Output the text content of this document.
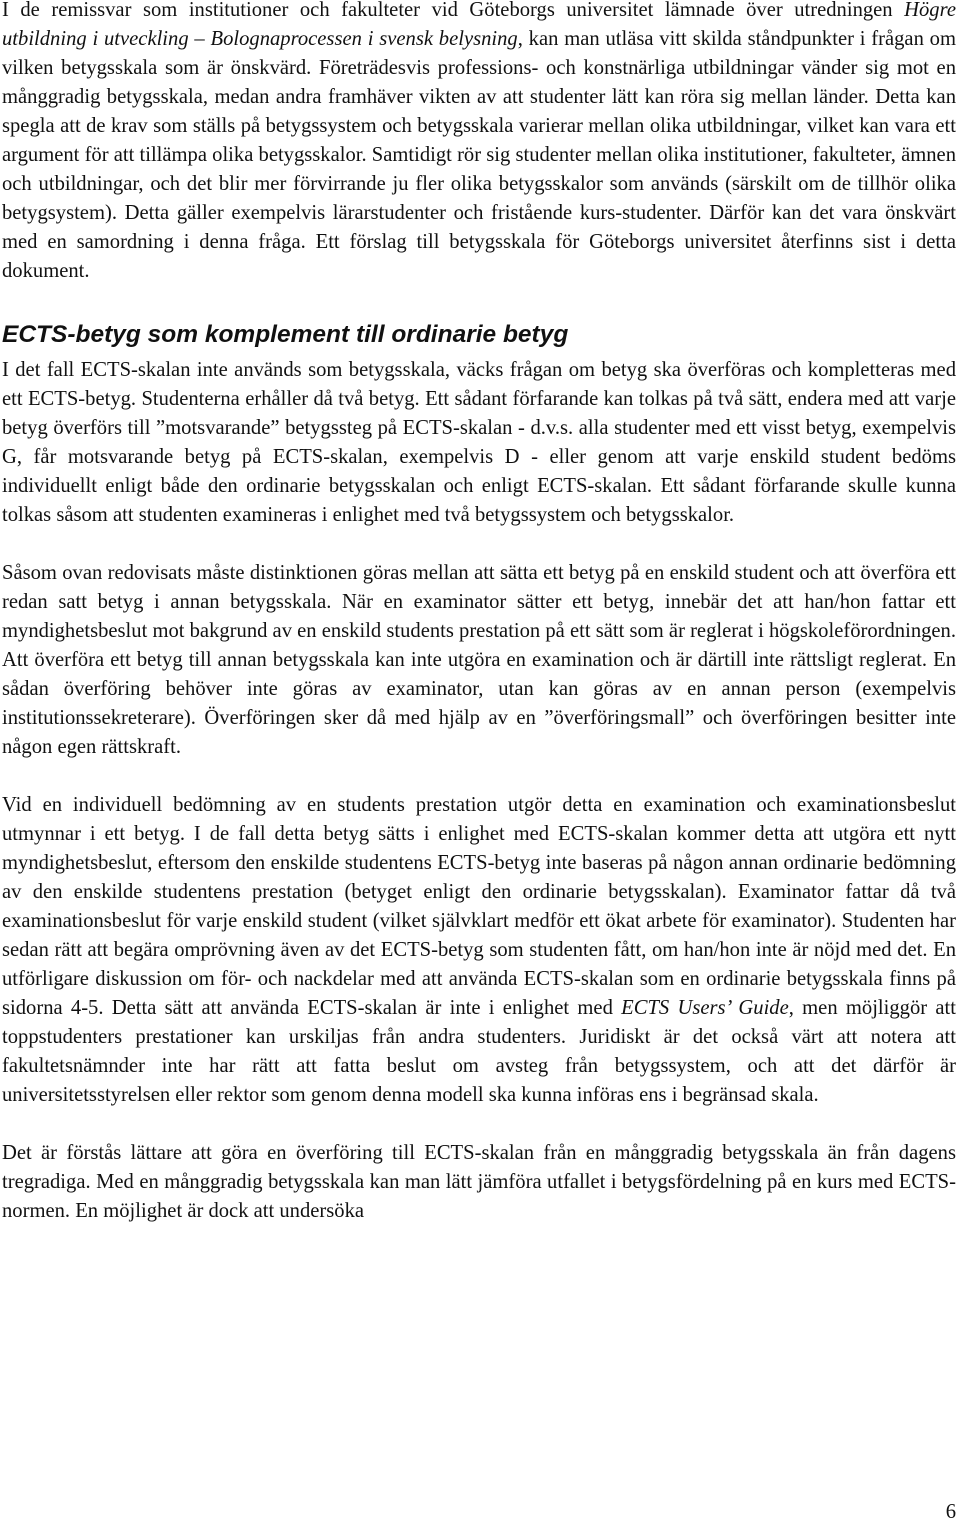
I de remissvar som institutioner och fakulteter vid Göteborgs universitet lämnade över utredningen Högre utbildning i utveckling – Bolognaprocessen i svensk belysning, kan man utläsa vitt skilda ståndpunkter i frågan om vilken betygsskala som är önskvärd. Företrädesvis professions- och konstnärliga utbildningar vänder sig mot en månggradig betygsskala, medan andra framhäver vikten av att studenter lätt kan röra sig mellan länder. Detta kan spegla att de krav som ställs på betygssystem och betygsskala varierar mellan olika utbildningar, vilket kan vara ett argument för att tillämpa olika betygsskalor. Samtidigt rör sig studenter mellan olika institutioner, fakulteter, ämnen och utbildningar, och det blir mer förvirrande ju fler olika betygsskalor som används (särskilt om de tillhör olika betygsystem). Detta gäller exempelvis lärarstudenter och fristående kurs-studenter. Därför kan det vara önskvärt med en samordning i denna fråga. Ett förslag till betygsskala för Göteborgs universitet återfinns sist i detta dokument.

ECTS-betyg som komplement till ordinarie betyg

I det fall ECTS-skalan inte används som betygsskala, väcks frågan om betyg ska överföras och kompletteras med ett ECTS-betyg. Studenterna erhåller då två betyg. Ett sådant förfarande kan tolkas på två sätt, endera med att varje betyg överförs till ”motsvarande” betygssteg på ECTS-skalan - d.v.s. alla studenter med ett visst betyg, exempelvis G, får motsvarande betyg på ECTS-skalan, exempelvis D - eller genom att varje enskild student bedöms individuellt enligt både den ordinarie betygsskalan och enligt ECTS-skalan. Ett sådant förfarande skulle kunna tolkas såsom att studenten examineras i enlighet med två betygssystem och betygsskalor.

Såsom ovan redovisats måste distinktionen göras mellan att sätta ett betyg på en enskild student och att överföra ett redan satt betyg i annan betygsskala. När en examinator sätter ett betyg, innebär det att han/hon fattar ett myndighetsbeslut mot bakgrund av en enskild students prestation på ett sätt som är reglerat i högskoleförordningen. Att överföra ett betyg till annan betygsskala kan inte utgöra en examination och är därtill inte rättsligt reglerat. En sådan överföring behöver inte göras av examinator, utan kan göras av en annan person (exempelvis institutionssekreterare). Överföringen sker då med hjälp av en ”överföringsmall” och överföringen besitter inte någon egen rättskraft.

Vid en individuell bedömning av en students prestation utgör detta en examination och examinationsbeslut utmynnar i ett betyg. I de fall detta betyg sätts i enlighet med ECTS-skalan kommer detta att utgöra ett nytt myndighetsbeslut, eftersom den enskilde studentens ECTS-betyg inte baseras på någon annan ordinarie bedömning av den enskilde studentens prestation (betyget enligt den ordinarie betygsskalan). Examinator fattar då två examinationsbeslut för varje enskild student (vilket självklart medför ett ökat arbete för examinator). Studenten har sedan rätt att begära omprövning även av det ECTS-betyg som studenten fått, om han/hon inte är nöjd med det. En utförligare diskussion om för- och nackdelar med att använda ECTS-skalan som en ordinarie betygsskala finns på sidorna 4-5. Detta sätt att använda ECTS-skalan är inte i enlighet med ECTS Users’ Guide, men möjliggör att toppstudenters prestationer kan urskiljas från andra studenters. Juridiskt är det också värt att notera att fakultetsnämnder inte har rätt att fatta beslut om avsteg från betygssystem, och att det därför är universitetsstyrelsen eller rektor som genom denna modell ska kunna införas ens i begränsad skala.

Det är förstås lättare att göra en överföring till ECTS-skalan från en månggradig betygsskala än från dagens tregradiga. Med en månggradig betygsskala kan man lätt jämföra utfallet i betygsfördelning på en kurs med ECTS-normen. En möjlighet är dock att undersöka

6
